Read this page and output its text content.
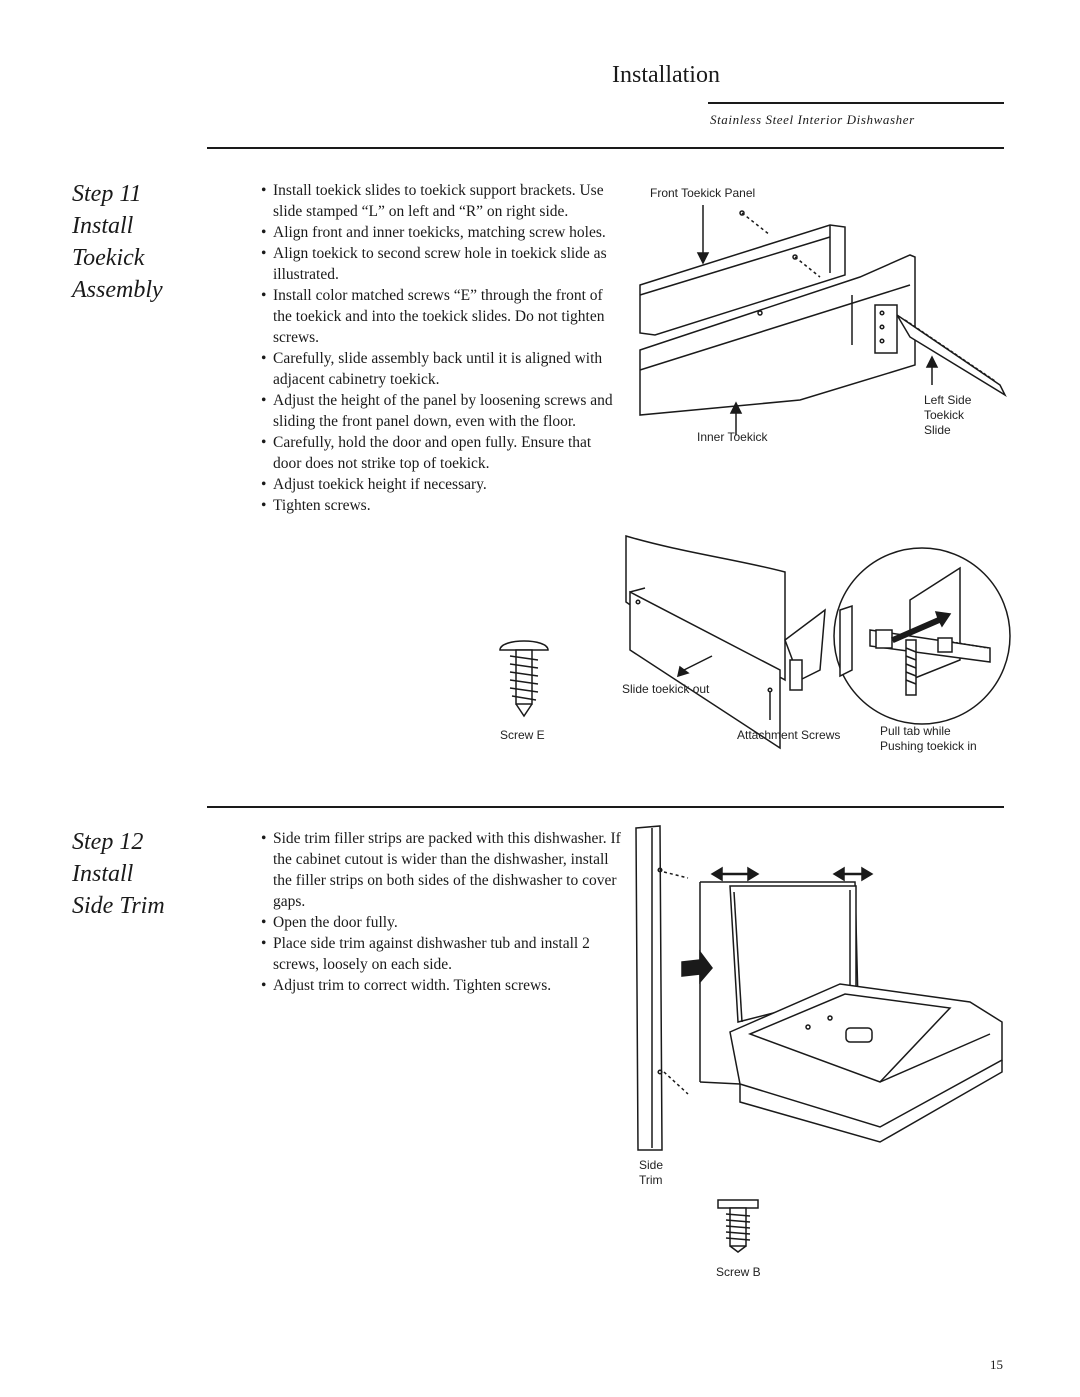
Installation
Stainless Steel Interior Dishwasher
Step 11
Install
Toekick
Assembly
• Install toekick slides to toekick support brackets. Use slide stamped “L” on left and “R” on right side.
• Align front and inner toekicks, matching screw holes.
• Align toekick to second screw hole in toekick slide as illustrated.
• Install color matched screws “E” through the front of the toekick and into the toekick slides. Do not tighten screws.
• Carefully, slide assembly back until it is aligned with adjacent cabinetry toekick.
• Adjust the height of the panel by loosening screws and sliding the front panel down, even with the floor.
• Carefully, hold the door and open fully. Ensure that door does not strike top of toekick.
• Adjust toekick height if necessary.
• Tighten screws.
Front Toekick Panel
Inner Toekick
Left Side
Toekick
Slide
Slide toekick out
Attachment Screws	Pull tab while
Pushing toekick in
Screw E
Step 12
Install
Side Trim
• Side trim filler strips are packed with this dishwasher. If the cabinet cutout is wider than the dishwasher, install the filler strips on both sides of the dishwasher to cover gaps.
• Open the door fully.
• Place side trim against dishwasher tub and install 2 screws, loosely on each side.
• Adjust trim to correct width. Tighten screws.
Side
Trim
Screw B
15
